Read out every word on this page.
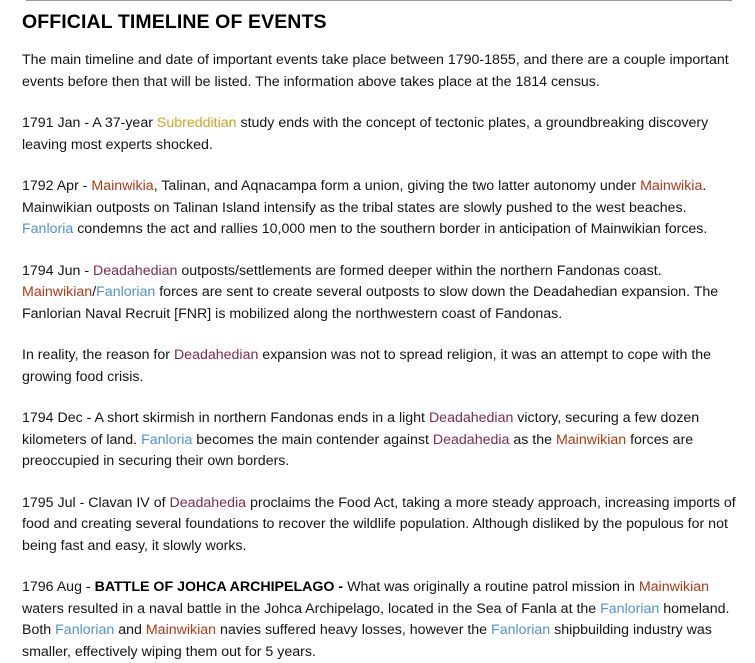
OFFICIAL TIMELINE OF EVENTS

The main timeline and date of important events take place between 1790-1855, and there are a couple important events before then that will be listed. The information above takes place at the 1814 census.

1791 Jan - A 37-year Subredditian study ends with the concept of tectonic plates, a groundbreaking discovery leaving most experts shocked.

1792 Apr - Mainwikia, Talinan, and Aqnacampa form a union, giving the two latter autonomy under Mainwikia. Mainwikian outposts on Talinan Island intensify as the tribal states are slowly pushed to the west beaches. Fanloria condemns the act and rallies 10,000 men to the southern border in anticipation of Mainwikian forces.

1794 Jun - Deadahedian outposts/settlements are formed deeper within the northern Fandonas coast. Mainwikian/Fanlorian forces are sent to create several outposts to slow down the Deadahedian expansion. The Fanlorian Naval Recruit [FNR] is mobilized along the northwestern coast of Fandonas.

In reality, the reason for Deadahedian expansion was not to spread religion, it was an attempt to cope with the growing food crisis.

1794 Dec - A short skirmish in northern Fandonas ends in a light Deadahedian victory, securing a few dozen kilometers of land. Fanloria becomes the main contender against Deadahedia as the Mainwikian forces are preoccupied in securing their own borders.

1795 Jul - Clavan IV of Deadahedia proclaims the Food Act, taking a more steady approach, increasing imports of food and creating several foundations to recover the wildlife population. Although disliked by the populous for not being fast and easy, it slowly works.

1796 Aug - BATTLE OF JOHCA ARCHIPELAGO - What was originally a routine patrol mission in Mainwikian waters resulted in a naval battle in the Johca Archipelago, located in the Sea of Fanla at the Fanlorian homeland. Both Fanlorian and Mainwikian navies suffered heavy losses, however the Fanlorian shipbuilding industry was smaller, effectively wiping them out for 5 years.
